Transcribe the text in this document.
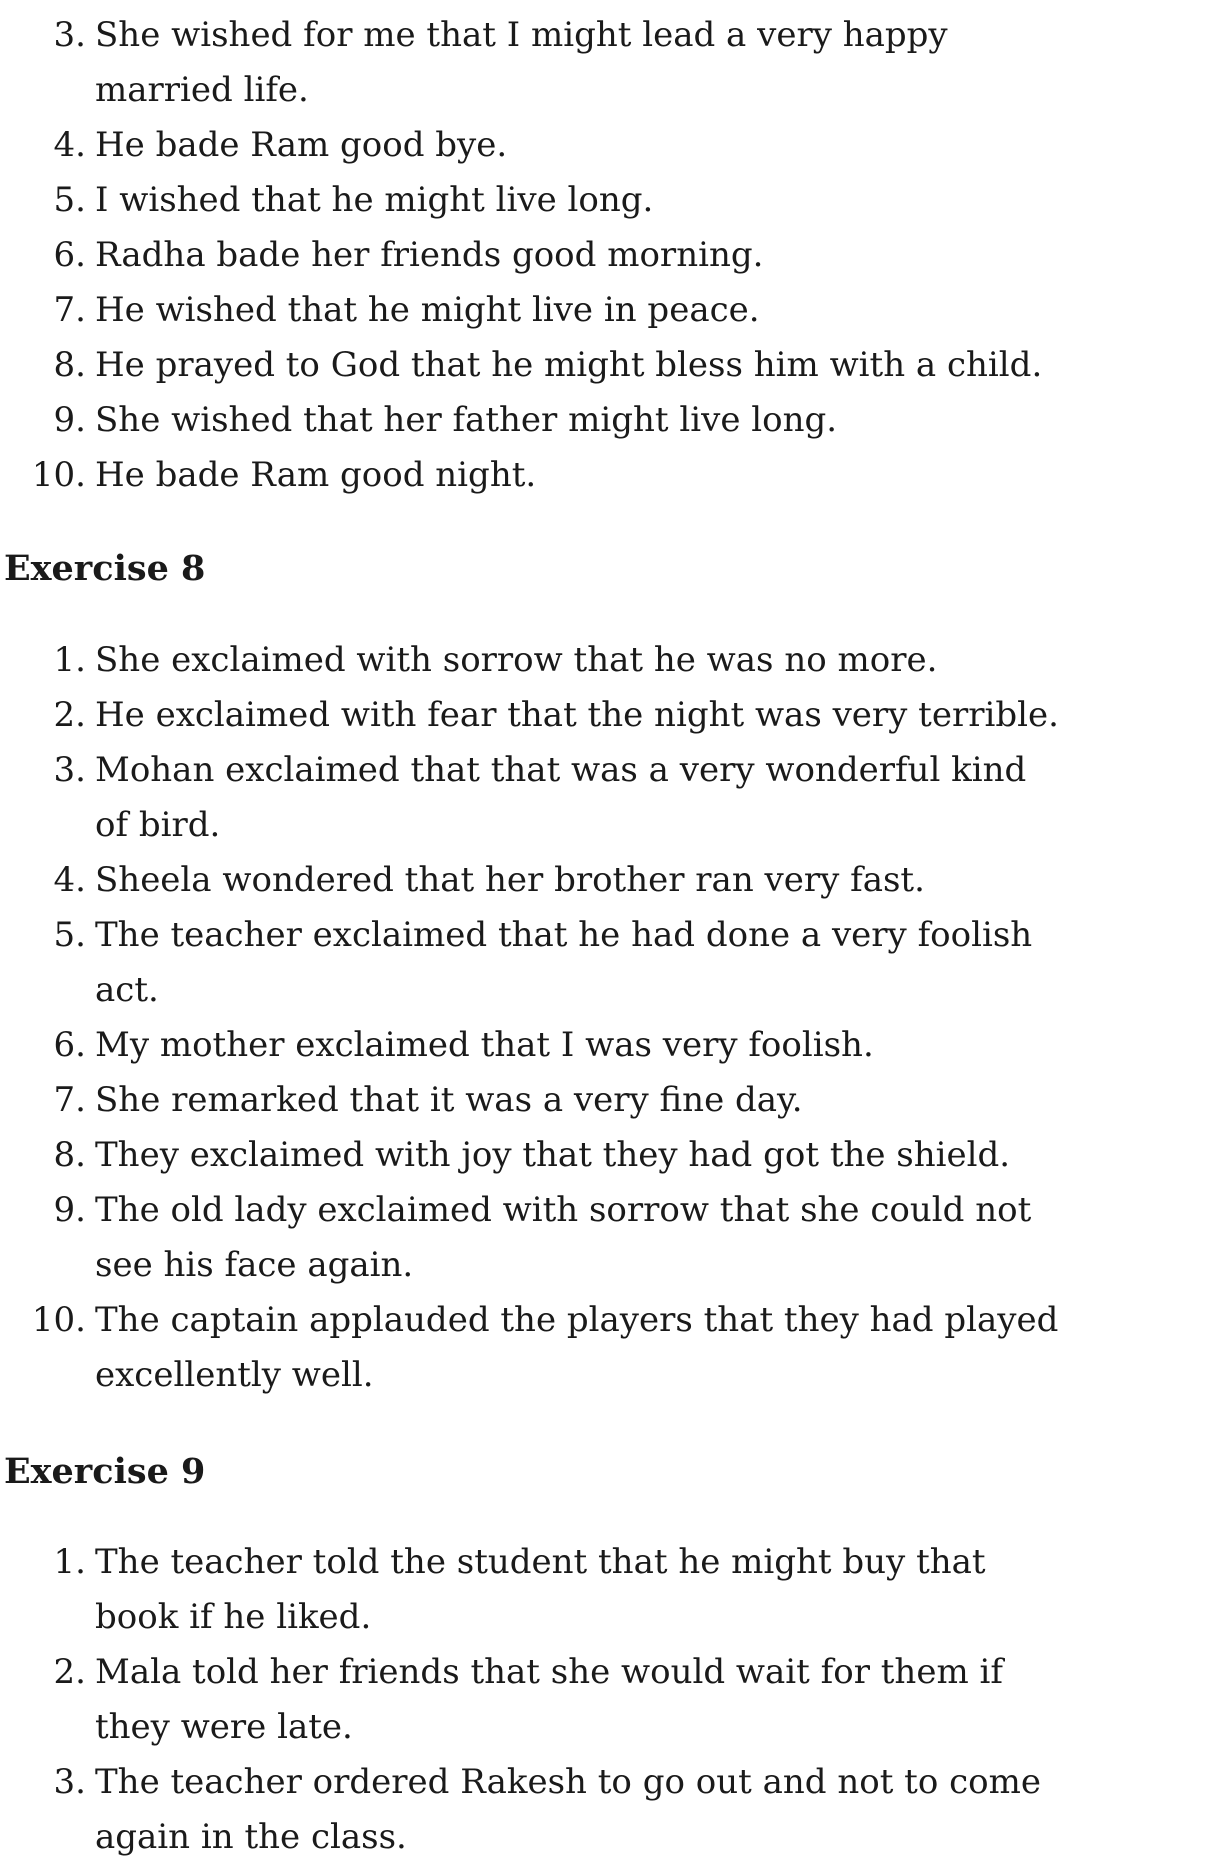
3. She wished for me that I might lead a very happy
married life.
4. He bade Ram good bye.
5. I wished that he might live long.
6. Radha bade her friends good morning.
7. He wished that he might live in peace.
8. He prayed to God that he might bless him with a child.
9. She wished that her father might live long.
10. He bade Ram good night.
Exercise 8
1. She exclaimed with sorrow that he was no more.
2. He exclaimed with fear that the night was very terrible.
3. Mohan exclaimed that that was a very wonderful kind
of bird.
4. Sheela wondered that her brother ran very fast.
5. The teacher exclaimed that he had done a very foolish
act.
6. My mother exclaimed that I was very foolish.
7. She remarked that it was a very fine day.
8. They exclaimed with joy that they had got the shield.
9. The old lady exclaimed with sorrow that she could not
see his face again.
10. The captain applauded the players that they had played
excellently well.
Exercise 9
1. The teacher told the student that he might buy that
book if he liked.
2. Mala told her friends that she would wait for them if
they were late.
3. The teacher ordered Rakesh to go out and not to come
again in the class.
